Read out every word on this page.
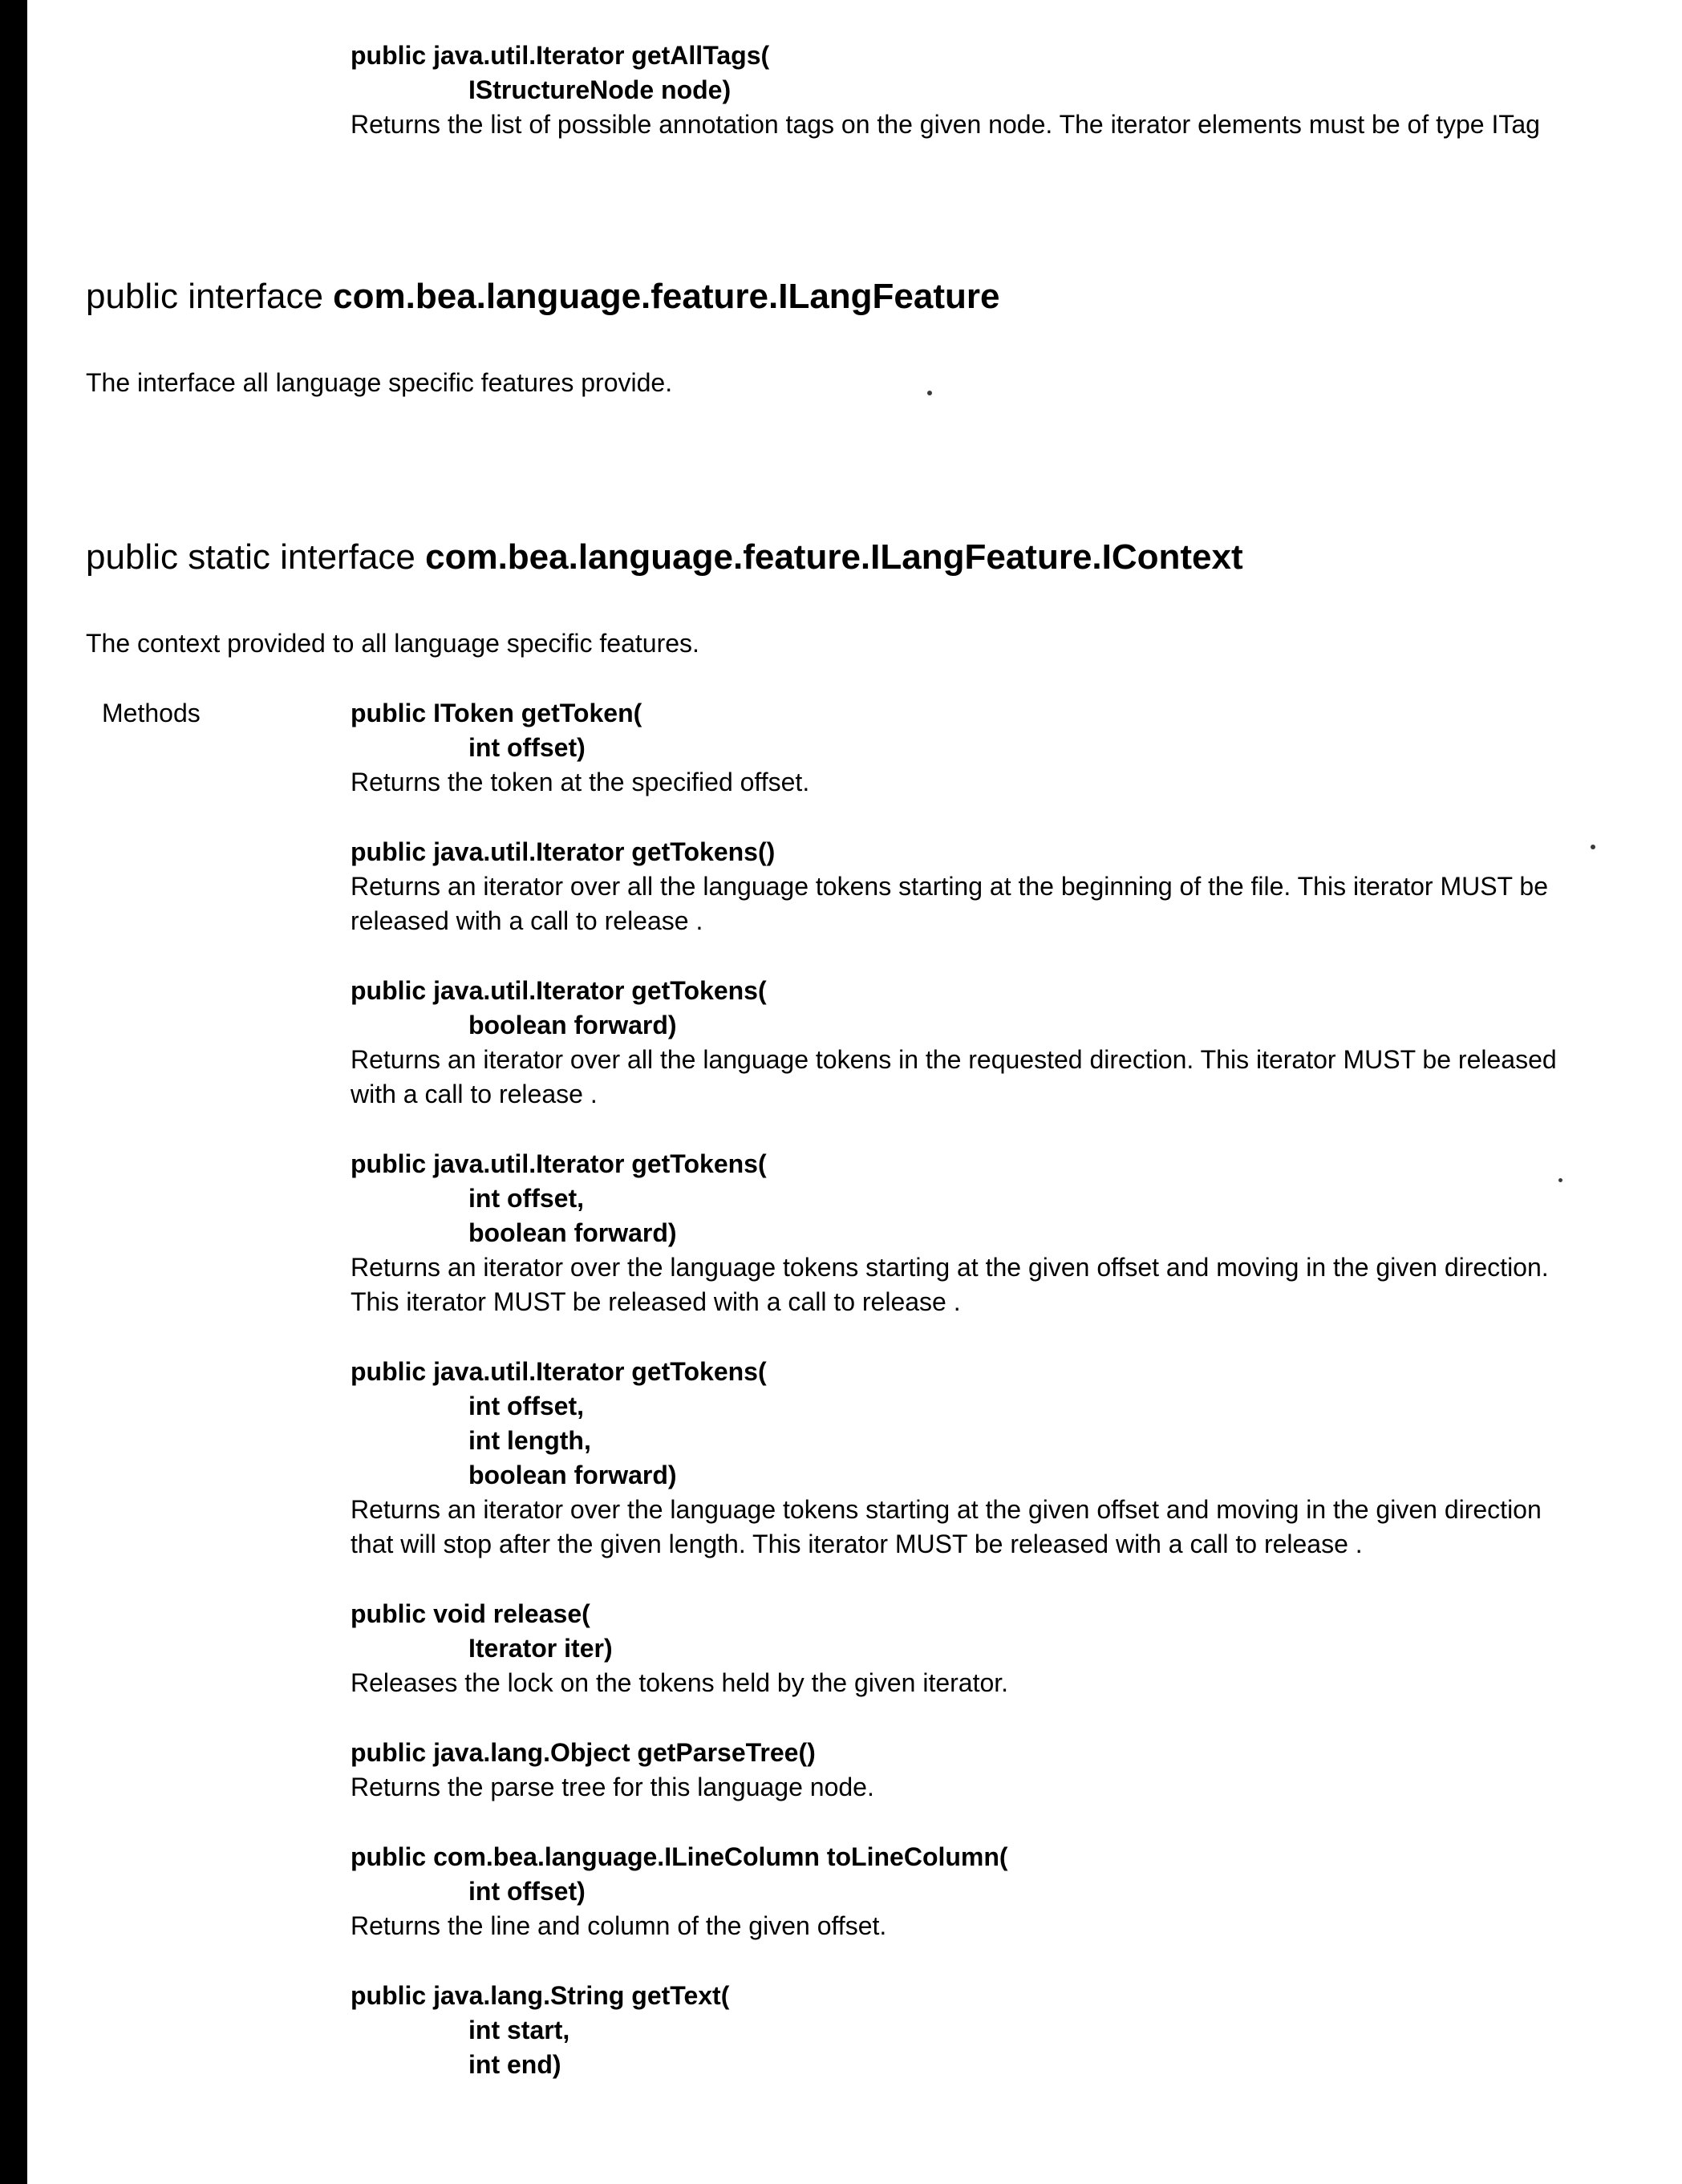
public java.util.Iterator getAllTags(
IStructureNode node)
Returns the list of possible annotation tags on the given node. The iterator elements must be of type ITag
public interface com.bea.language.feature.ILangFeature
The interface all language specific features provide.
public static interface com.bea.language.feature.ILangFeature.IContext
The context provided to all language specific features.
Methods	public IToken getToken(
int offset)
Returns the token at the specified offset.
public java.util.Iterator getTokens()
Returns an iterator over all the language tokens starting at the beginning of the file. This iterator MUST be released with a call to release .
public java.util.Iterator getTokens(
boolean forward)
Returns an iterator over all the language tokens in the requested direction. This iterator MUST be released with a call to release .
public java.util.Iterator getTokens(
int offset,
boolean forward)
Returns an iterator over the language tokens starting at the given offset and moving in the given direction. This iterator MUST be released with a call to release .
public java.util.Iterator getTokens(
int offset,
int length,
boolean forward)
Returns an iterator over the language tokens starting at the given offset and moving in the given direction that will stop after the given length. This iterator MUST be released with a call to release .
public void release(
Iterator iter)
Releases the lock on the tokens held by the given iterator.
public java.lang.Object getParseTree()
Returns the parse tree for this language node.
public com.bea.language.ILineColumn toLineColumn(
int offset)
Returns the line and column of the given offset.
public java.lang.String getText(
int start,
int end)
